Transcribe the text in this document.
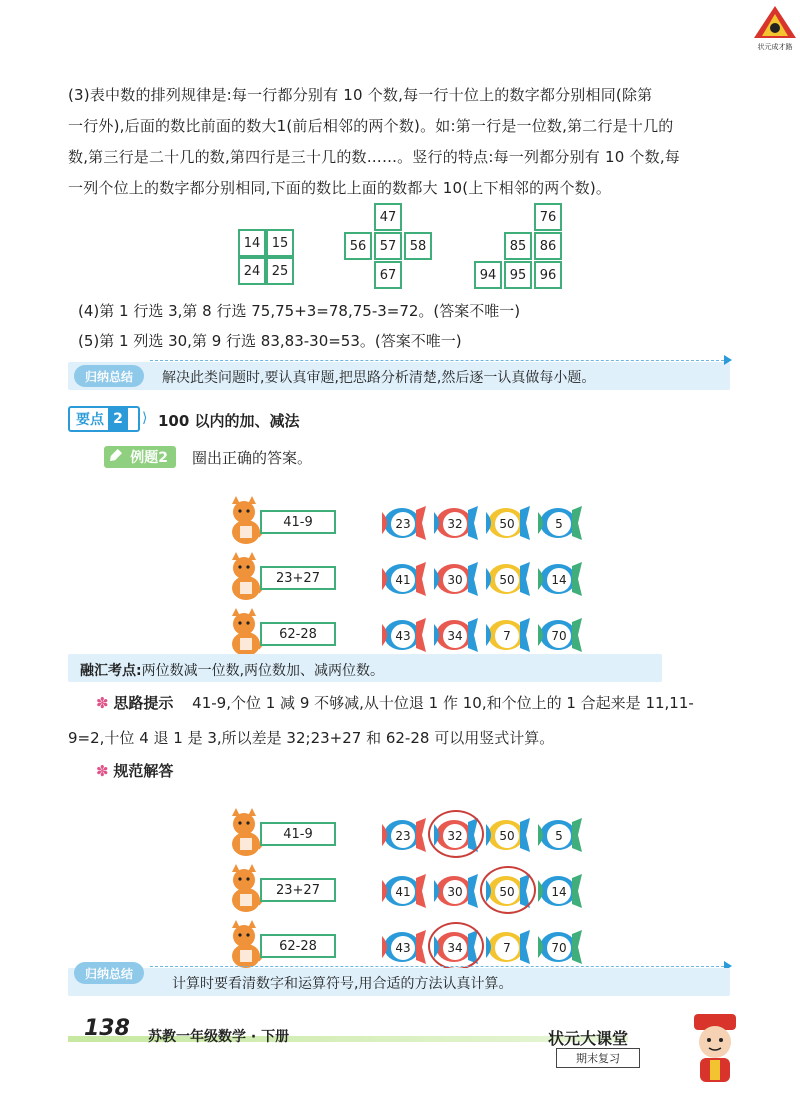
状元成才路
(3)表中数的排列规律是:每一行都分别有 10 个数,每一行十位上的数字都分别相同(除第
一行外),后面的数比前面的数大1(前后相邻的两个数)。如:第一行是一位数,第二行是十几的
数,第三行是二十几的数,第四行是三十几的数……。竖行的特点:每一列都分别有 10 个数,每
一列个位上的数字都分别相同,下面的数比上面的数都大 10(上下相邻的两个数)。
14 15
24 25
47
56	57	58
67
76
85	86
94	95	96
(4)第 1 行选 3,第 8 行选 75,75+3=78,75-3=72。(答案不唯一)
(5)第 1 列选 30,第 9 行选 83,83-30=53。(答案不唯一)
归纳总结	解决此类问题时,要认真审题,把思路分析清楚,然后逐一认真做每小题。
要点 2	⟩ 100 以内的加、减法
例题2 圈出正确的答案。
41-9	23	32	50	5
23+27	41	30	50	14
62-28	43	34	7	70
融汇考点:两位数减一位数,两位数加、减两位数。
✽ 思路提示 41-9,个位 1 减 9 不够减,从十位退 1 作 10,和个位上的 1 合起来是 11,11-
9=2,十位 4 退 1 是 3,所以差是 32;23+27 和 62-28 可以用竖式计算。
✽ 规范解答
41-9	23	32	50	5
23+27	41	30	50	14
62-28	43	34	7	70
归纳总结
计算时要看清数字和运算符号,用合适的方法认真计算。
138 苏教一年级数学 · 下册	状元大课堂
期末复习
